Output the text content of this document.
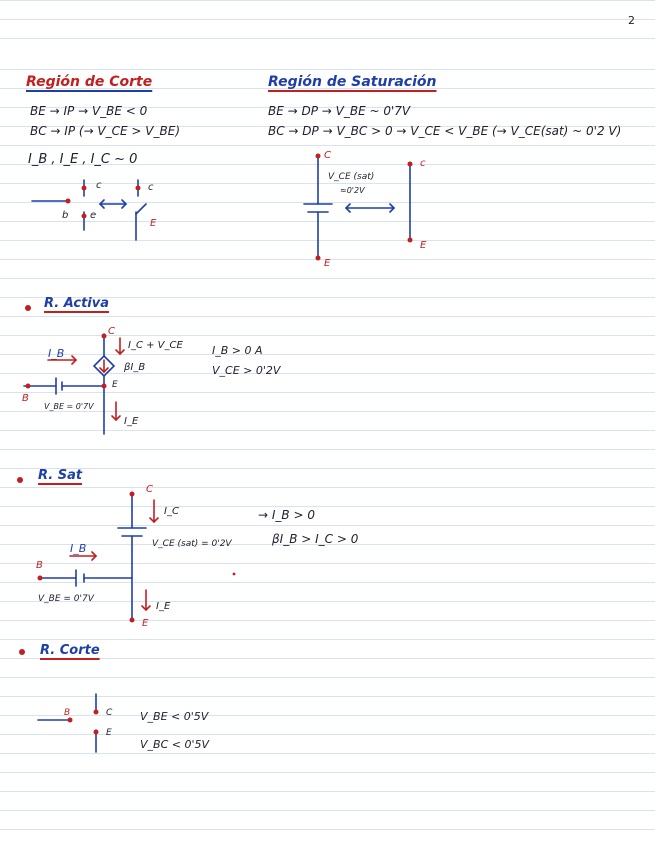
2
Región de Corte
BE → IP → V_BE < 0
BC → IP (→ V_CE > V_BE)
I_B , I_E , I_C ~ 0
Región de Saturación
BE → DP → V_BE ~ 0'7V
BC → DP → V_BC > 0 → V_CE < V_BE (→ V_CE(sat) ~ 0'2 V)
V_CE (sat)
≈0'2V
c
b e
c
E
C
E
c
E
R. Activa
I_B
I_C + V_CE
βI_B
I_E
V_BE = 0'7V
I_B > 0 A
V_CE > 0'2V
C
B
E
R. Sat
I_C
I_B	V_CE (sat) = 0'2V
V_BE = 0'7V
I_E
→ I_B > 0
βI_B > I_C > 0
C
B
E
R. Corte
V_BE < 0'5V
V_BC < 0'5V
B	C
E
